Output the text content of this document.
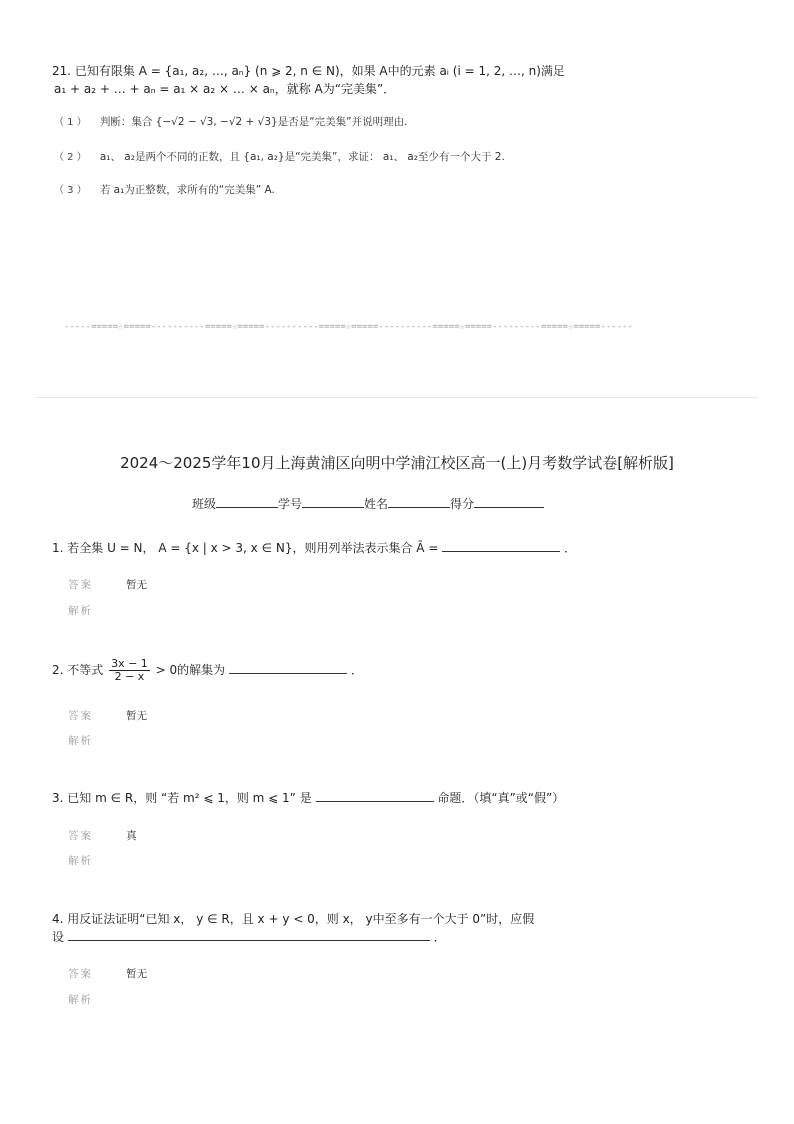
21. 已知有限集 A = {a₁, a₂, …, aₙ} (n ⩾ 2, n ∈ N)，如果 A中的元素 aᵢ (i = 1, 2, …, n)满足
a₁ + a₂ + … + aₙ = a₁ × a₂ × … × aₙ，就称 A为“完美集”．
（ 1 ） 判断：集合 {−√2 − √3, −√2 + √3}是否是“完美集”并说明理由.
（ 2 ） a₁、 a₂是两个不同的正数，且 {a₁, a₂}是“完美集”，求证： a₁、 a₂至少有一个大于 2.
（ 3 ） 若 a₁为正整数，求所有的“完美集” A.
-----=====☆=====----------=====☆=====----------=====☆=====----------=====☆=====---------=====☆=====------
2024～2025学年10月上海黄浦区向明中学浦江校区高一(上)月考数学试卷[解析版]
班级	学号	姓名	得分
1. 若全集 U = N， A = {x | x > 3, x ∈ N}，则用列举法表示集合 Ā =	．
答案	暂无
解析
2. 不等式 $\frac{3x - 1}{2 - x} > 0$的解集为	．
答案	暂无
解析
3. 已知 m ∈ R，则 “若 m² ⩽ 1，则 m ⩽ 1” 是	命题．（填“真”或“假”）
答案	真
解析
4. 用反证法证明“已知 x， y ∈ R，且 x + y < 0，则 x， y中至多有一个大于 0”时，应假
设	．
答案	暂无
解析
